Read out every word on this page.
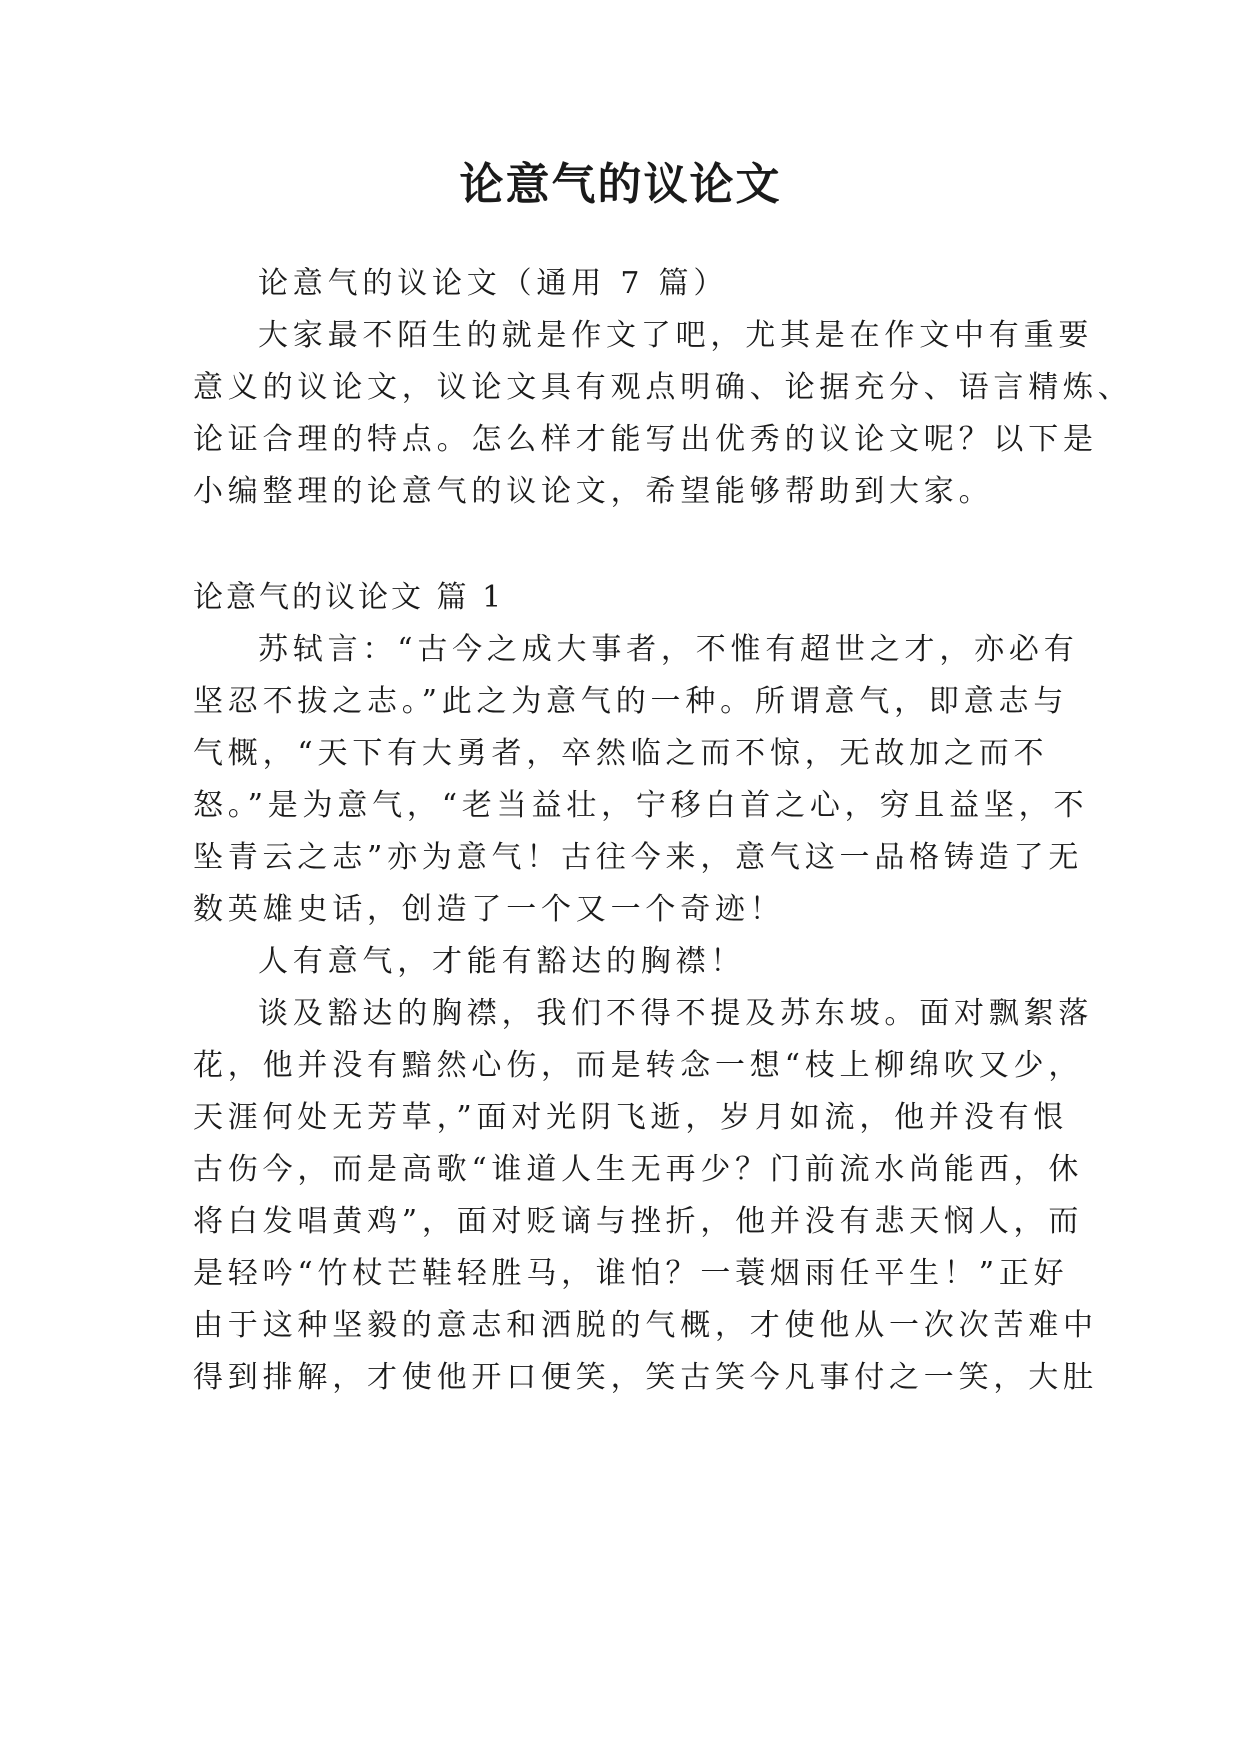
论意气的议论文
论意气的议论文（通用 7 篇）
大家最不陌生的就是作文了吧，尤其是在作文中有重要
意义的议论文，议论文具有观点明确、论据充分、语言精炼、
论证合理的特点。怎么样才能写出优秀的议论文呢？以下是
小编整理的论意气的议论文，希望能够帮助到大家。
论意气的议论文 篇 1
苏轼言：“古今之成大事者，不惟有超世之才，亦必有
坚忍不拔之志。”此之为意气的一种。所谓意气，即意志与
气概，“天下有大勇者，卒然临之而不惊，无故加之而不
怒。”是为意气，“老当益壮，宁移白首之心，穷且益坚，不
坠青云之志”亦为意气！古往今来，意气这一品格铸造了无
数英雄史话，创造了一个又一个奇迹！
人有意气，才能有豁达的胸襟！
谈及豁达的胸襟，我们不得不提及苏东坡。面对飘絮落
花，他并没有黯然心伤，而是转念一想“枝上柳绵吹又少，
天涯何处无芳草，”面对光阴飞逝，岁月如流，他并没有恨
古伤今，而是高歌“谁道人生无再少？门前流水尚能西，休
将白发唱黄鸡”，面对贬谪与挫折，他并没有悲天悯人，而
是轻吟“竹杖芒鞋轻胜马，谁怕？一蓑烟雨任平生！”正好
由于这种坚毅的意志和洒脱的气概，才使他从一次次苦难中
得到排解，才使他开口便笑，笑古笑今凡事付之一笑，大肚
